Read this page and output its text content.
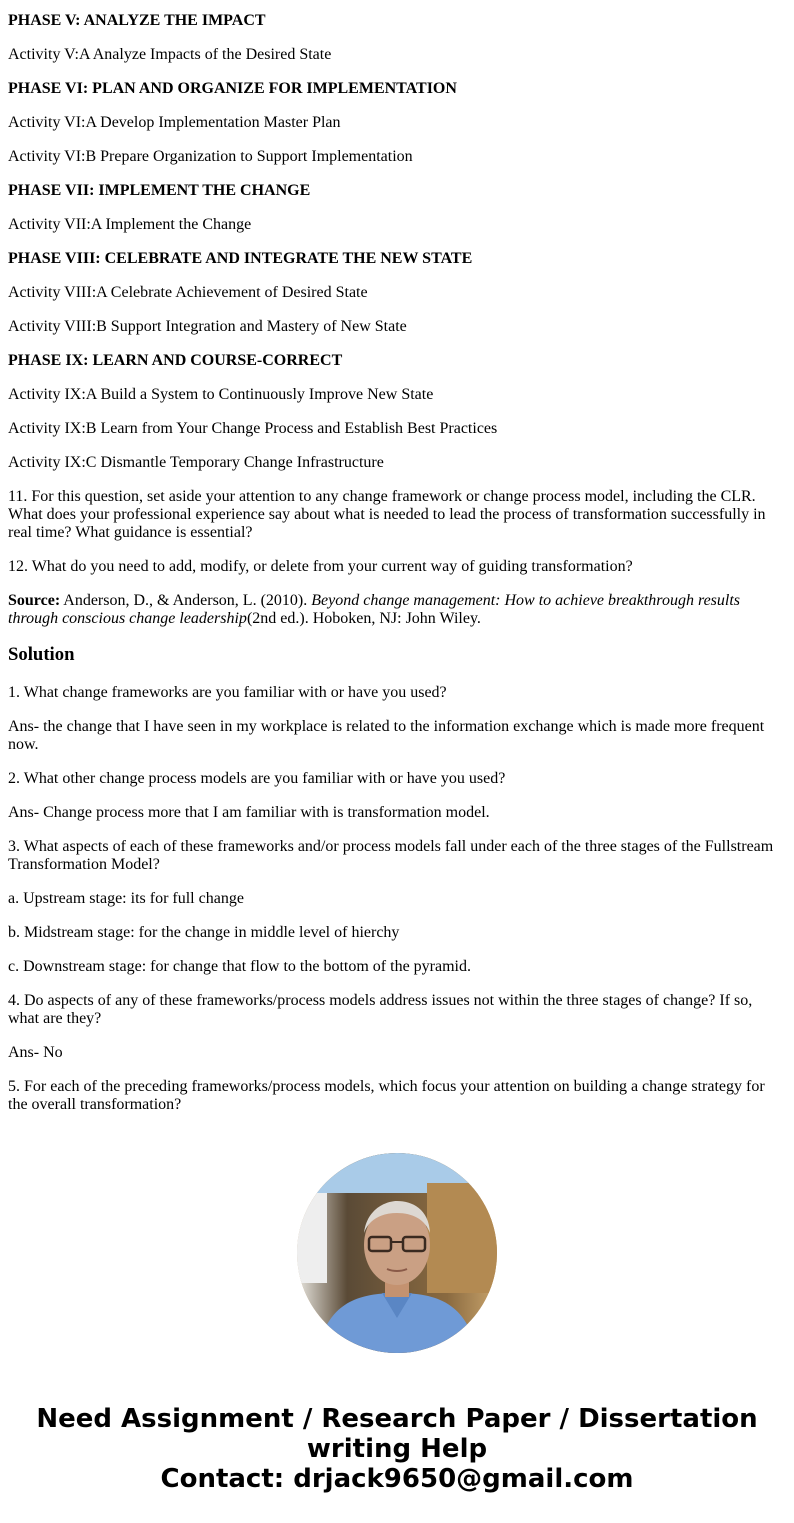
PHASE V: ANALYZE THE IMPACT

Activity V:A Analyze Impacts of the Desired State

PHASE VI: PLAN AND ORGANIZE FOR IMPLEMENTATION

Activity VI:A Develop Implementation Master Plan

Activity VI:B Prepare Organization to Support Implementation

PHASE VII: IMPLEMENT THE CHANGE

Activity VII:A Implement the Change

PHASE VIII: CELEBRATE AND INTEGRATE THE NEW STATE

Activity VIII:A Celebrate Achievement of Desired State

Activity VIII:B Support Integration and Mastery of New State

PHASE IX: LEARN AND COURSE-CORRECT

Activity IX:A Build a System to Continuously Improve New State

Activity IX:B Learn from Your Change Process and Establish Best Practices

Activity IX:C Dismantle Temporary Change Infrastructure

11. For this question, set aside your attention to any change framework or change process model, including the CLR. What does your professional experience say about what is needed to lead the process of transformation successfully in real time? What guidance is essential?

12. What do you need to add, modify, or delete from your current way of guiding transformation?

Source: Anderson, D., & Anderson, L. (2010). Beyond change management: How to achieve breakthrough results through conscious change leadership(2nd ed.). Hoboken, NJ: John Wiley.

Solution

1. What change frameworks are you familiar with or have you used?

Ans- the change that I have seen in my workplace is related to the information exchange which is made more frequent now.

2. What other change process models are you familiar with or have you used?

Ans- Change process more that I am familiar with is transformation model.

3. What aspects of each of these frameworks and/or process models fall under each of the three stages of the Fullstream Transformation Model?

a. Upstream stage: its for full change

b. Midstream stage: for the change in middle level of hierchy

c. Downstream stage: for change that flow to the bottom of the pyramid.

4. Do aspects of any of these frameworks/process models address issues not within the three stages of change? If so, what are they?

Ans- No

5. For each of the preceding frameworks/process models, which focus your attention on building a change strategy for the overall transformation?

Need Assignment / Research Paper / Dissertation writing Help
Contact: drjack9650@gmail.com
